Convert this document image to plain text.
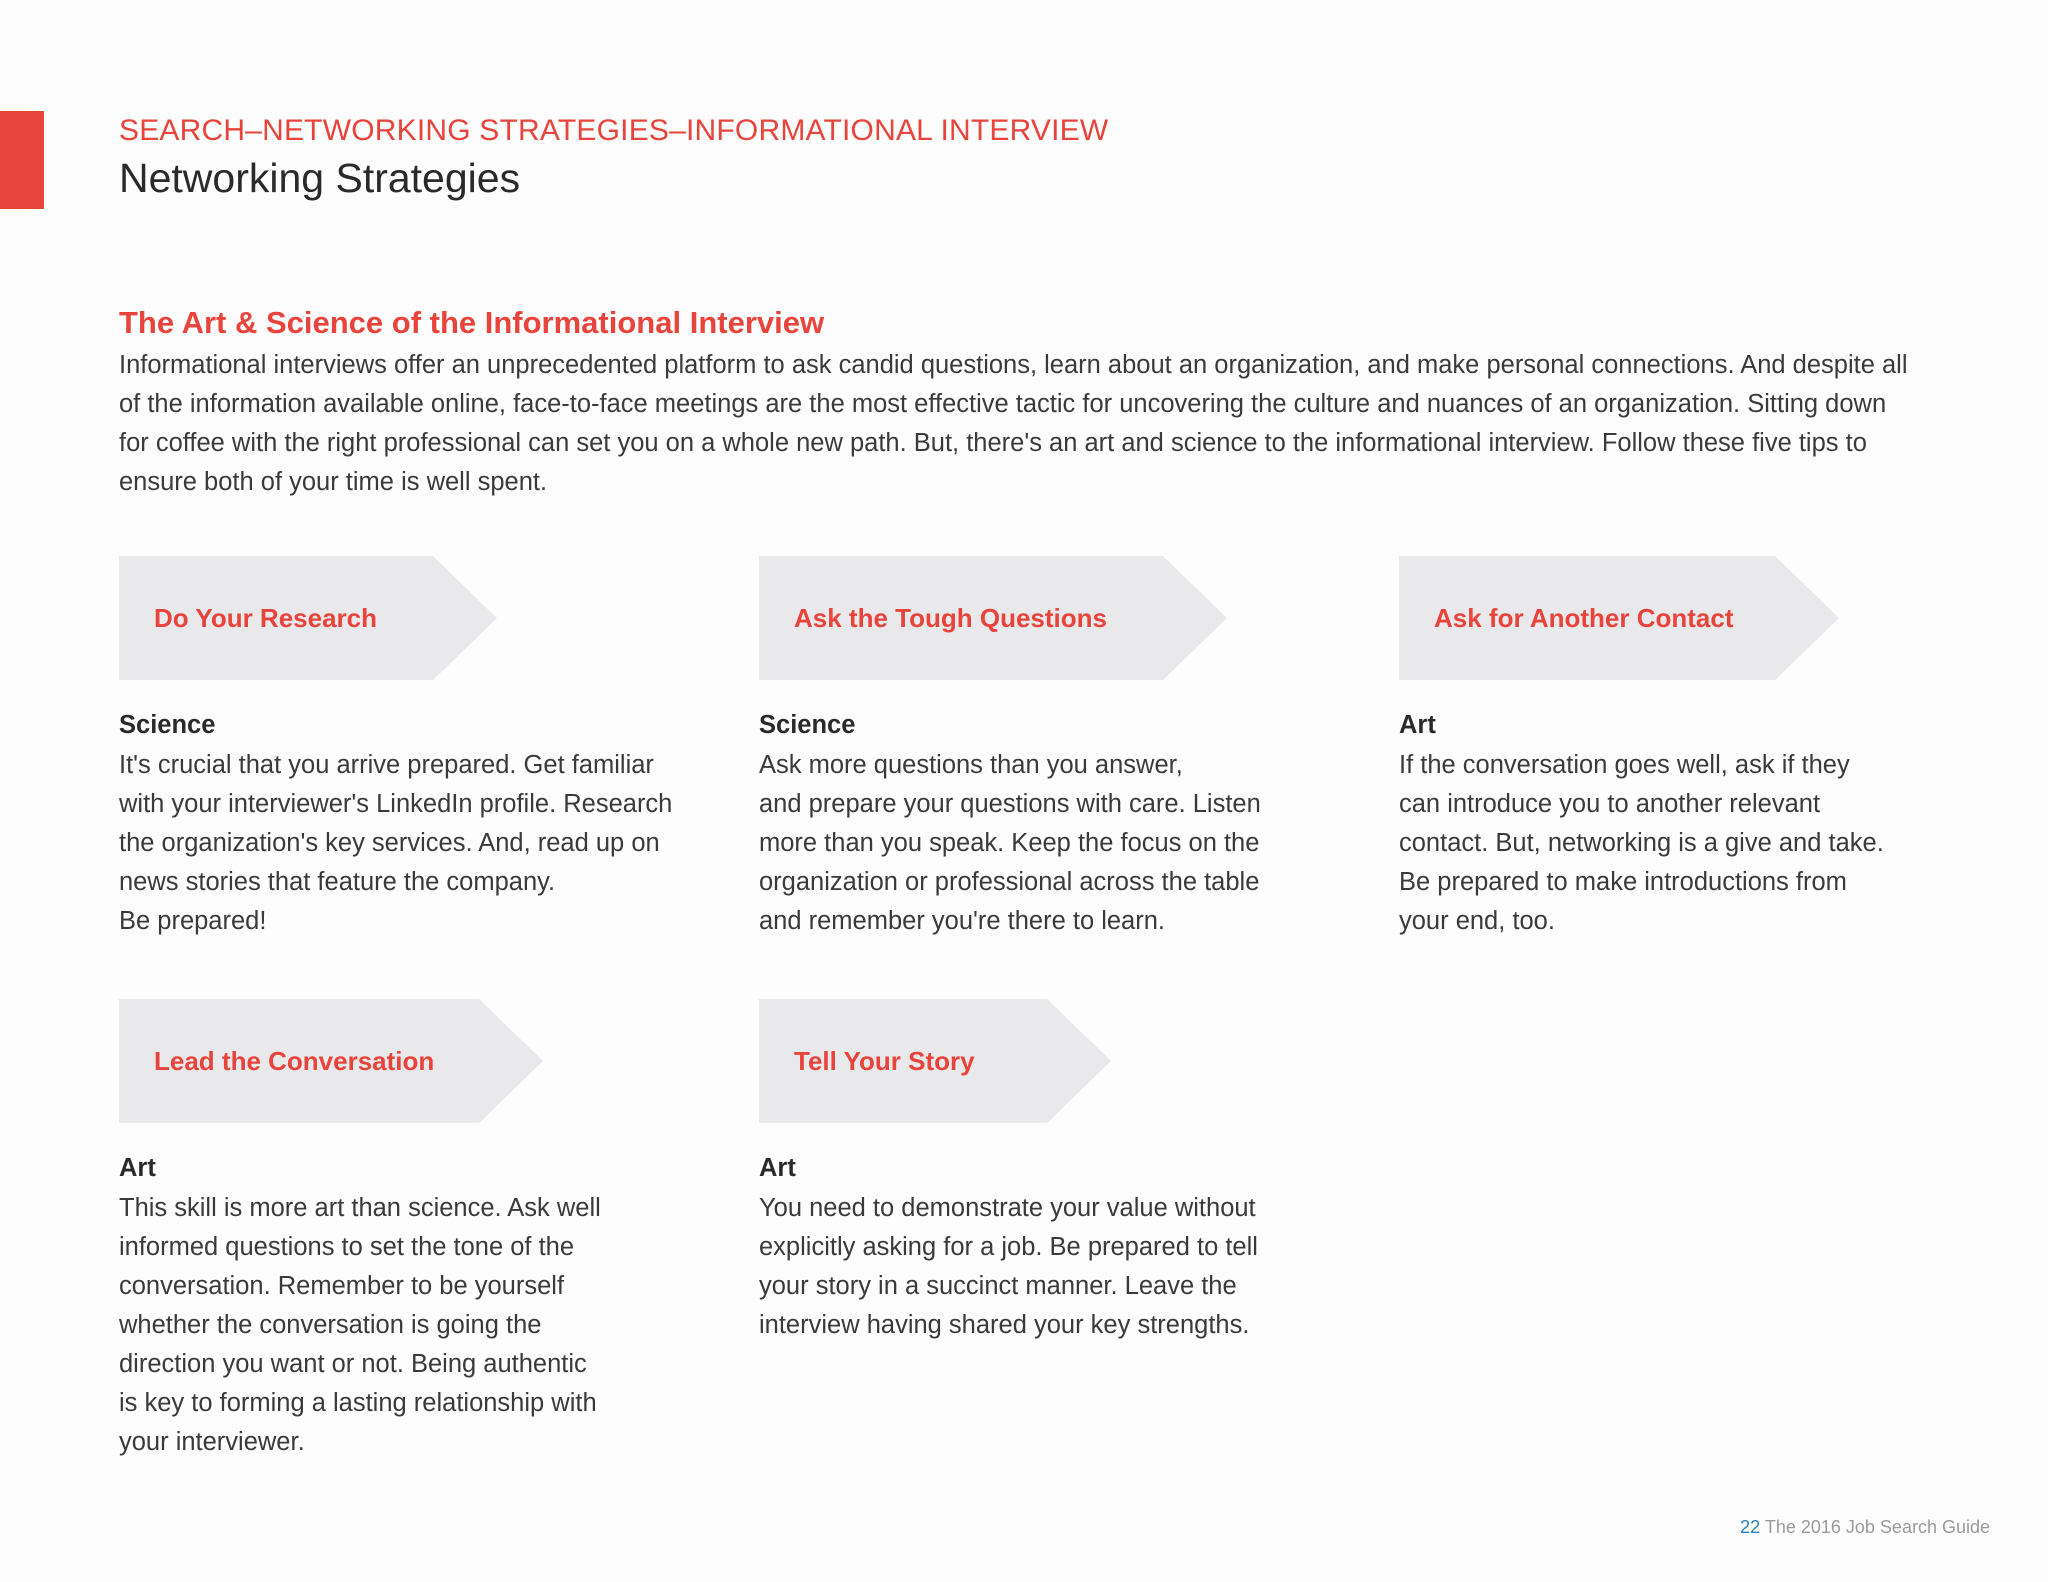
SEARCH–NETWORKING STRATEGIES–INFORMATIONAL INTERVIEW
Networking Strategies
The Art & Science of the Informational Interview

Informational interviews offer an unprecedented platform to ask candid questions, learn about an organization, and make personal connections. And despite all of the information available online, face-to-face meetings are the most effective tactic for uncovering the culture and nuances of an organization. Sitting down for coffee with the right professional can set you on a whole new path. But, there's an art and science to the informational interview. Follow these five tips to ensure both of your time is well spent.

Do Your Research
Science
It's crucial that you arrive prepared. Get familiar
with your interviewer's LinkedIn profile. Research
the organization's key services. And, read up on
news stories that feature the company.
Be prepared!
Ask the Tough Questions
Science
Ask more questions than you answer,
and prepare your questions with care. Listen
more than you speak. Keep the focus on the
organization or professional across the table
and remember you're there to learn.
Ask for Another Contact
Art
If the conversation goes well, ask if they
can introduce you to another relevant
contact. But, networking is a give and take.
Be prepared to make introductions from
your end, too.
Lead the Conversation
Art
This skill is more art than science. Ask well
informed questions to set the tone of the
conversation. Remember to be yourself
whether the conversation is going the
direction you want or not. Being authentic
is key to forming a lasting relationship with
your interviewer.
Tell Your Story
Art
You need to demonstrate your value without
explicitly asking for a job. Be prepared to tell
your story in a succinct manner. Leave the
interview having shared your key strengths.
22 The 2016 Job Search Guide
